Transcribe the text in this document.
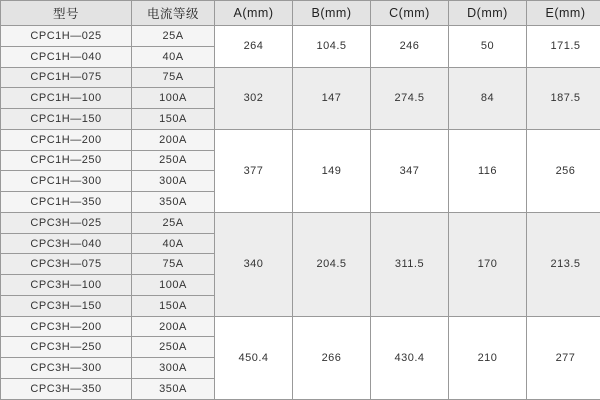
型号	电流等级	A(mm)	B(mm)	C(mm)	D(mm)	E(mm)
CPC1H—025	25A	264	104.5	246	50	171.5
CPC1H—040	40A					
CPC1H—075	75A	302	147	274.5	84	187.5
CPC1H—100	100A					
CPC1H—150	150A					
CPC1H—200	200A	377	149	347	116	256
CPC1H—250	250A					
CPC1H—300	300A					
CPC1H—350	350A					
CPC3H—025	25A	340	204.5	311.5	170	213.5
CPC3H—040	40A					
CPC3H—075	75A					
CPC3H—100	100A					
CPC3H—150	150A					
CPC3H—200	200A	450.4	266	430.4	210	277
CPC3H—250	250A					
CPC3H—300	300A					
CPC3H—350	350A					
